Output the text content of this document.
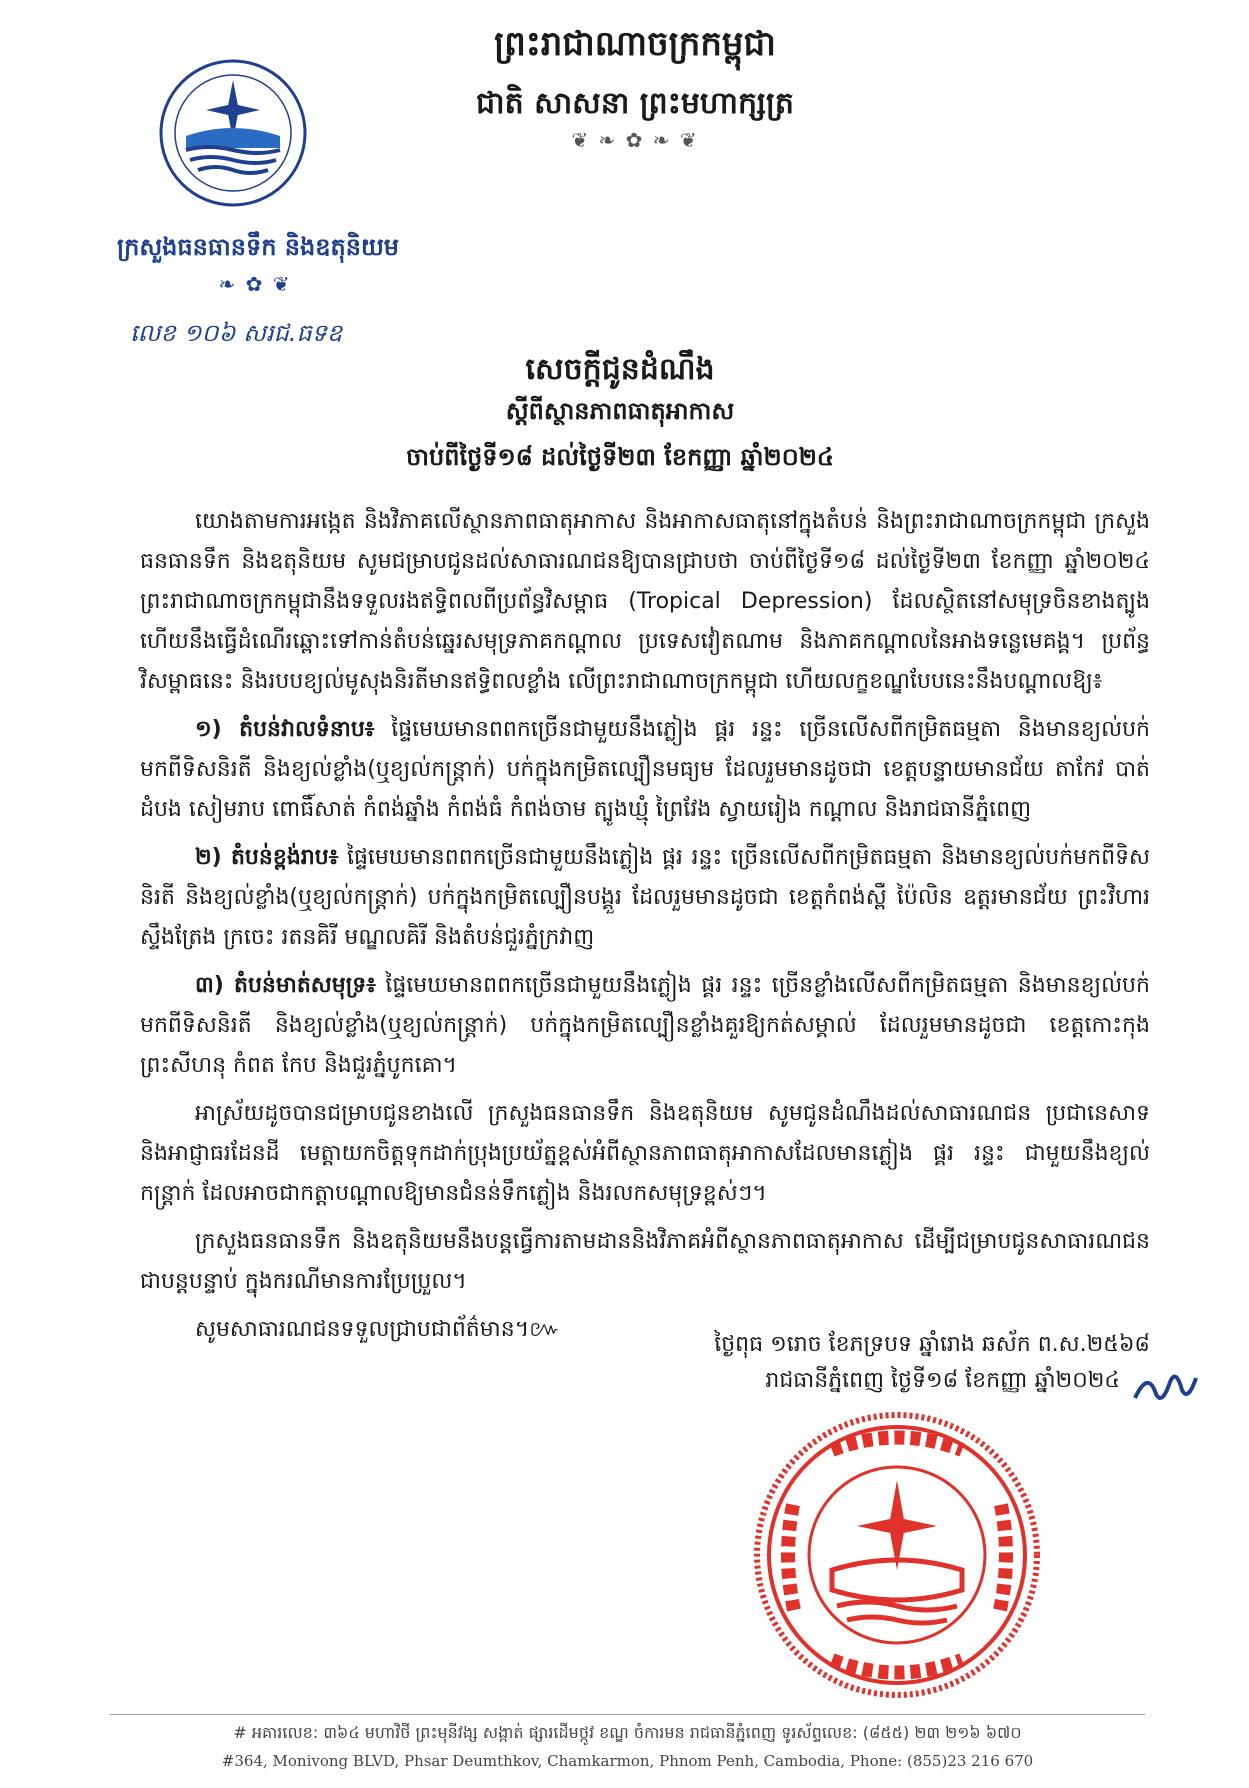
ព្រះរាជាណាចក្រកម្ពុជា
ជាតិ សាសនា ព្រះមហាក្សត្រ
❦ ❧ ✿ ❧ ❦
ក្រសួងធនធានទឹក និងឧតុនិយម
❧ ✿ ❦
លេខ ១០៦ សរជ.ធទឧ
សេចក្តីជូនដំណឹង
ស្តីពីស្ថានភាពធាតុអាកាស
ចាប់ពីថ្ងៃទី១៨ ដល់ថ្ងៃទី២៣ ខែកញ្ញា ឆ្នាំ២០២៤

យោងតាមការអង្កេត និងវិភាគលើស្ថានភាពធាតុអាកាស និងអាកាសធាតុនៅក្នុងតំបន់ និងព្រះរាជាណាចក្រកម្ពុជា ក្រសួងធនធានទឹក និងឧតុនិយម សូមជម្រាបជូនដល់សាធារណជនឱ្យបានជ្រាបថា ចាប់ពីថ្ងៃទី១៨ ដល់ថ្ងៃទី២៣ ខែកញ្ញា ឆ្នាំ២០២៤ ព្រះរាជាណាចក្រកម្ពុជានឹងទទួលរងឥទ្ធិពលពីប្រព័ន្ធវិសម្ពាធ (Tropical Depression) ដែលស្ថិតនៅសមុទ្រចិនខាងត្បូង ហើយនឹងធ្វើដំណើរឆ្ពោះទៅកាន់តំបន់ឆ្នេរសមុទ្រភាគកណ្តាល ប្រទេសវៀតណាម និងភាគកណ្តាលនៃអាងទន្លេមេគង្គ។ ប្រព័ន្ធវិសម្ពាធនេះ និងរបបខ្យល់មូសុងនិរតីមានឥទ្ធិពលខ្លាំង លើព្រះរាជាណាចក្រកម្ពុជា ហើយលក្ខខណ្ឌបែបនេះនឹងបណ្តាលឱ្យ៖

១) តំបន់វាលទំនាប៖ ផ្ទៃមេឃមានពពកច្រើនជាមួយនឹងភ្លៀង ផ្គរ រន្ទះ ច្រើនលើសពីកម្រិតធម្មតា និងមានខ្យល់បក់មកពីទិសនិរតី និងខ្យល់ខ្លាំង(ឬខ្យល់កន្ត្រាក់) បក់ក្នុងកម្រិតល្បឿនមធ្យម ដែលរួមមានដូចជា ខេត្តបន្ទាយមានជ័យ តាកែវ បាត់ដំបង សៀមរាប ពោធិ៍សាត់ កំពង់ឆ្នាំង កំពង់ធំ កំពង់ចាម ត្បូងឃ្មុំ ព្រៃវែង ស្វាយរៀង កណ្តាល និងរាជធានីភ្នំពេញ

២) តំបន់ខ្ពង់រាប៖ ផ្ទៃមេឃមានពពកច្រើនជាមួយនឹងភ្លៀង ផ្គរ រន្ទះ ច្រើនលើសពីកម្រិតធម្មតា និងមានខ្យល់បក់មកពីទិសនិរតី និងខ្យល់ខ្លាំង(ឬខ្យល់កន្ត្រាក់) បក់ក្នុងកម្រិតល្បឿនបង្គួរ ដែលរួមមានដូចជា ខេត្តកំពង់ស្ពឺ ប៉ៃលិន ឧត្តរមានជ័យ ព្រះវិហារ ស្ទឹងត្រែង ក្រចេះ រតនគិរី មណ្ឌលគិរី និងតំបន់ជួរភ្នំក្រវាញ

៣) តំបន់មាត់សមុទ្រ៖ ផ្ទៃមេឃមានពពកច្រើនជាមួយនឹងភ្លៀង ផ្គរ រន្ទះ ច្រើនខ្លាំងលើសពីកម្រិតធម្មតា និងមានខ្យល់បក់មកពីទិសនិរតី និងខ្យល់ខ្លាំង(ឬខ្យល់កន្ត្រាក់) បក់ក្នុងកម្រិតល្បឿនខ្លាំងគួរឱ្យកត់សម្គាល់ ដែលរួមមានដូចជា ខេត្តកោះកុង ព្រះសីហនុ កំពត កែប និងជួរភ្នំបូកគោ។

អាស្រ័យដូចបានជម្រាបជូនខាងលើ ក្រសួងធនធានទឹក និងឧតុនិយម សូមជូនដំណឹងដល់សាធារណជន ប្រជានេសាទ និងអាជ្ញាធរដែនដី មេត្តាយកចិត្តទុកដាក់ប្រុងប្រយ័ត្នខ្ពស់អំពីស្ថានភាពធាតុអាកាសដែលមានភ្លៀង ផ្គរ រន្ទះ ជាមួយនឹងខ្យល់កន្ត្រាក់ ដែលអាចជាកត្តាបណ្តាលឱ្យមានជំនន់ទឹកភ្លៀង និងរលកសមុទ្រខ្ពស់ៗ។

ក្រសួងធនធានទឹក និងឧតុនិយមនឹងបន្តធ្វើការតាមដាននិងវិភាគអំពីស្ថានភាពធាតុអាកាស ដើម្បីជម្រាបជូនសាធារណជនជាបន្តបន្ទាប់ ក្នុងករណីមានការប្រែប្រួល។

សូមសាធារណជនទទួលជ្រាបជាព័ត៌មាន។៚

ថ្ងៃពុធ ១រោច ខែភទ្របទ ឆ្នាំរោង ឆស័ក ព.ស.២៥៦៨
រាជធានីភ្នំពេញ ថ្ងៃទី១៨ ខែកញ្ញា ឆ្នាំ២០២៤
# អគារលេខ: ៣៦៤ មហាវិថី ព្រះមុនីវង្ស សង្កាត់ ផ្សារដើមថ្កូវ ខណ្ឌ ចំការមន រាជធានីភ្នំពេញ ទូរស័ព្ទលេខ: (៨៥៥) ២៣ ២១៦ ៦៧០
#364, Monivong BLVD, Phsar Deumthkov, Chamkarmon, Phnom Penh, Cambodia, Phone: (855)23 216 670
